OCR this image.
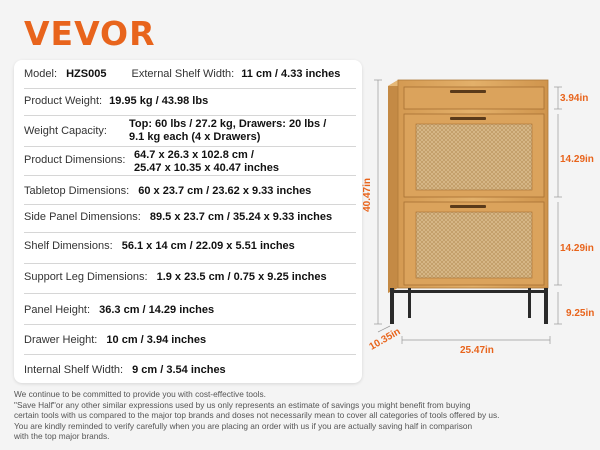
VEVOR
Model: HZS005 External Shelf Width: 11 cm / 4.33 inches
Product Weight: 19.95 kg / 43.98 lbs
Weight Capacity:
Top: 60 lbs / 27.2 kg, Drawers: 20 lbs /
9.1 kg each (4 x Drawers)
Product Dimensions: 64.7 x 26.3 x 102.8 cm /
25.47 x 10.35 x 40.47 inches
Tabletop Dimensions: 60 x 23.7 cm / 23.62 x 9.33 inches
Side Panel Dimensions: 89.5 x 23.7 cm / 35.24 x 9.33 inches
Shelf Dimensions: 56.1 x 14 cm / 22.09 x 5.51 inches
Support Leg Dimensions: 1.9 x 23.5 cm / 0.75 x 9.25 inches
Panel Height: 36.3 cm / 14.29 inches
Drawer Height: 10 cm / 3.94 inches
Internal Shelf Width: 9 cm / 3.54 inches
40.47in
3.94in
14.29in
14.29in
9.25in
10.35in	25.47in
We continue to be committed to provide you with cost-effective tools.
"Save Half"or any other similar expressions used by us only represents an estimate of savings you might benefit from buying
certain tools with us compared to the major top brands and doses not necessarily mean to cover all categories of tools offered by us.
You are kindly reminded to verify carefully when you are placing an order with us if you are actually saving half in comparison
with the top major brands.
